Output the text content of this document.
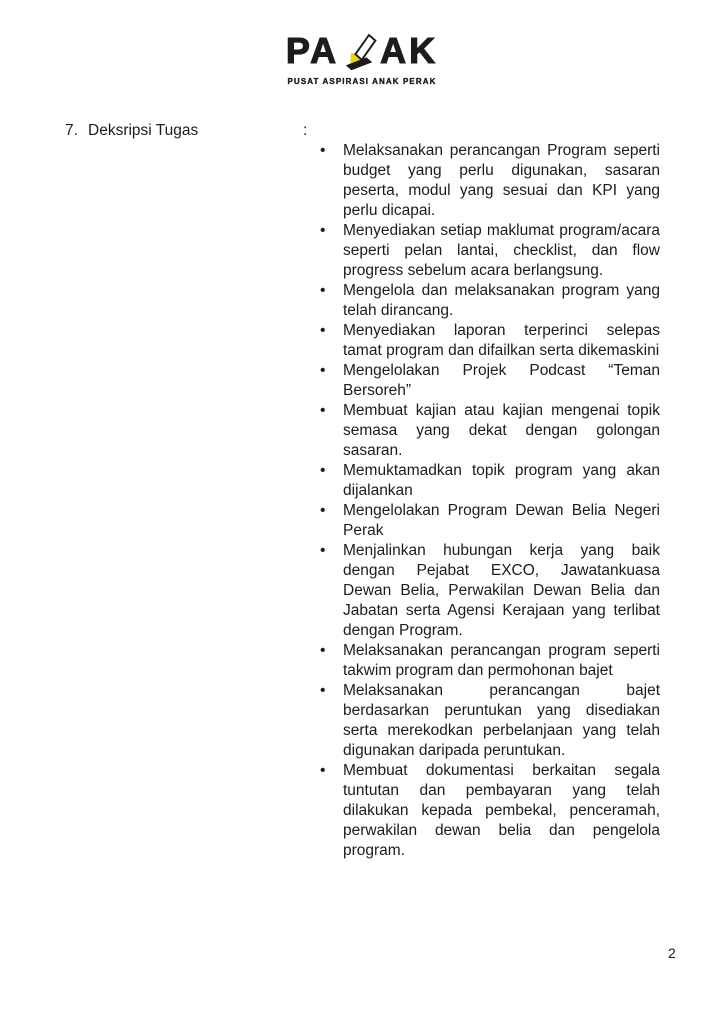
PA AK
PUSAT ASPIRASI ANAK PERAK
7. Deksripsi Tugas	:
• Melaksanakan perancangan Program seperti budget yang perlu digunakan, sasaran peserta, modul yang sesuai dan KPI yang perlu dicapai.
• Menyediakan setiap maklumat program/acara seperti pelan lantai, checklist, dan flow progress sebelum acara berlangsung.
• Mengelola dan melaksanakan program yang telah dirancang.
• Menyediakan laporan terperinci selepas tamat program dan difailkan serta dikemaskini
• Mengelolakan Projek Podcast “Teman Bersoreh”
• Membuat kajian atau kajian mengenai topik semasa yang dekat dengan golongan sasaran.
• Memuktamadkan topik program yang akan dijalankan
• Mengelolakan Program Dewan Belia Negeri Perak
• Menjalinkan hubungan kerja yang baik dengan Pejabat EXCO, Jawatankuasa Dewan Belia, Perwakilan Dewan Belia dan Jabatan serta Agensi Kerajaan yang terlibat dengan Program.
• Melaksanakan perancangan program seperti takwim program dan permohonan bajet
• Melaksanakan perancangan bajet berdasarkan peruntukan yang disediakan serta merekodkan perbelanjaan yang telah digunakan daripada peruntukan.
• Membuat dokumentasi berkaitan segala tuntutan dan pembayaran yang telah dilakukan kepada pembekal, penceramah, perwakilan dewan belia dan pengelola program.
2
